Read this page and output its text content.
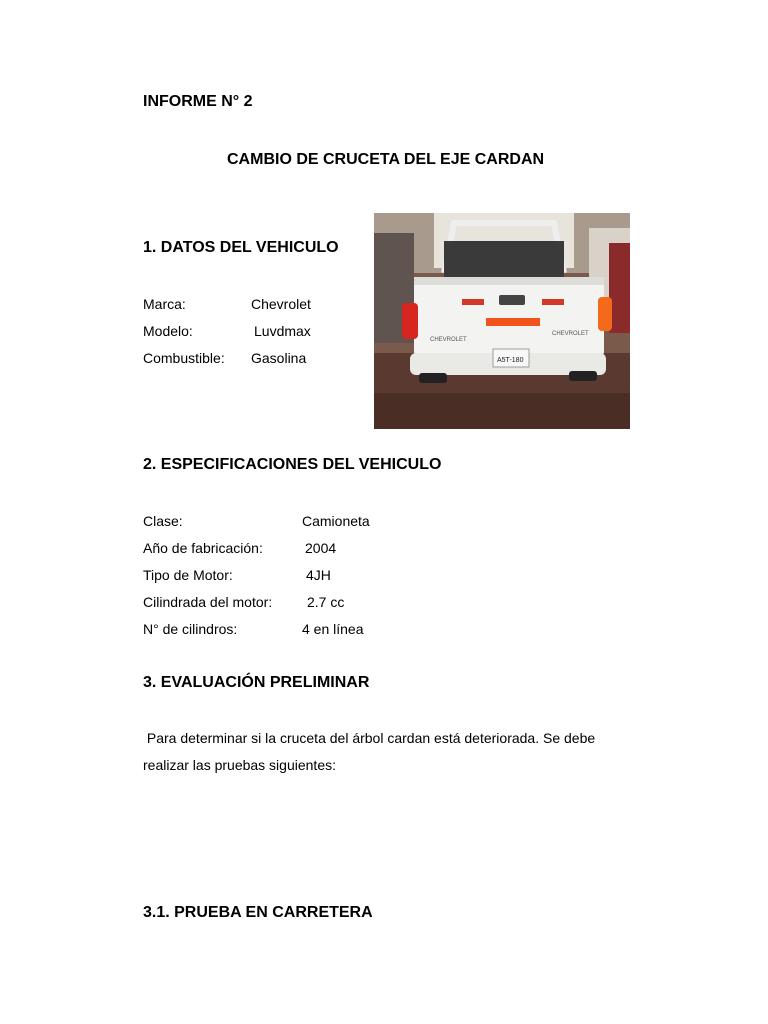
INFORME N° 2
CAMBIO DE CRUCETA DEL EJE CARDAN
1. DATOS DEL VEHICULO
Marca:	Chevrolet
Modelo:	Luvdmax
Combustible: Gasolina
CHEVROLET
CHEVROLET
A5T-180
2. ESPECIFICACIONES DEL VEHICULO
Clase:	Camioneta
Año de fabricación:	2004
Tipo de Motor:	4JH
Cilindrada del motor: 2.7 cc
N° de cilindros:	4 en línea
3. EVALUACIÓN PRELIMINAR
Para determinar si la cruceta del árbol cardan está deteriorada. Se debe realizar las pruebas siguientes:
3.1. PRUEBA EN CARRETERA
